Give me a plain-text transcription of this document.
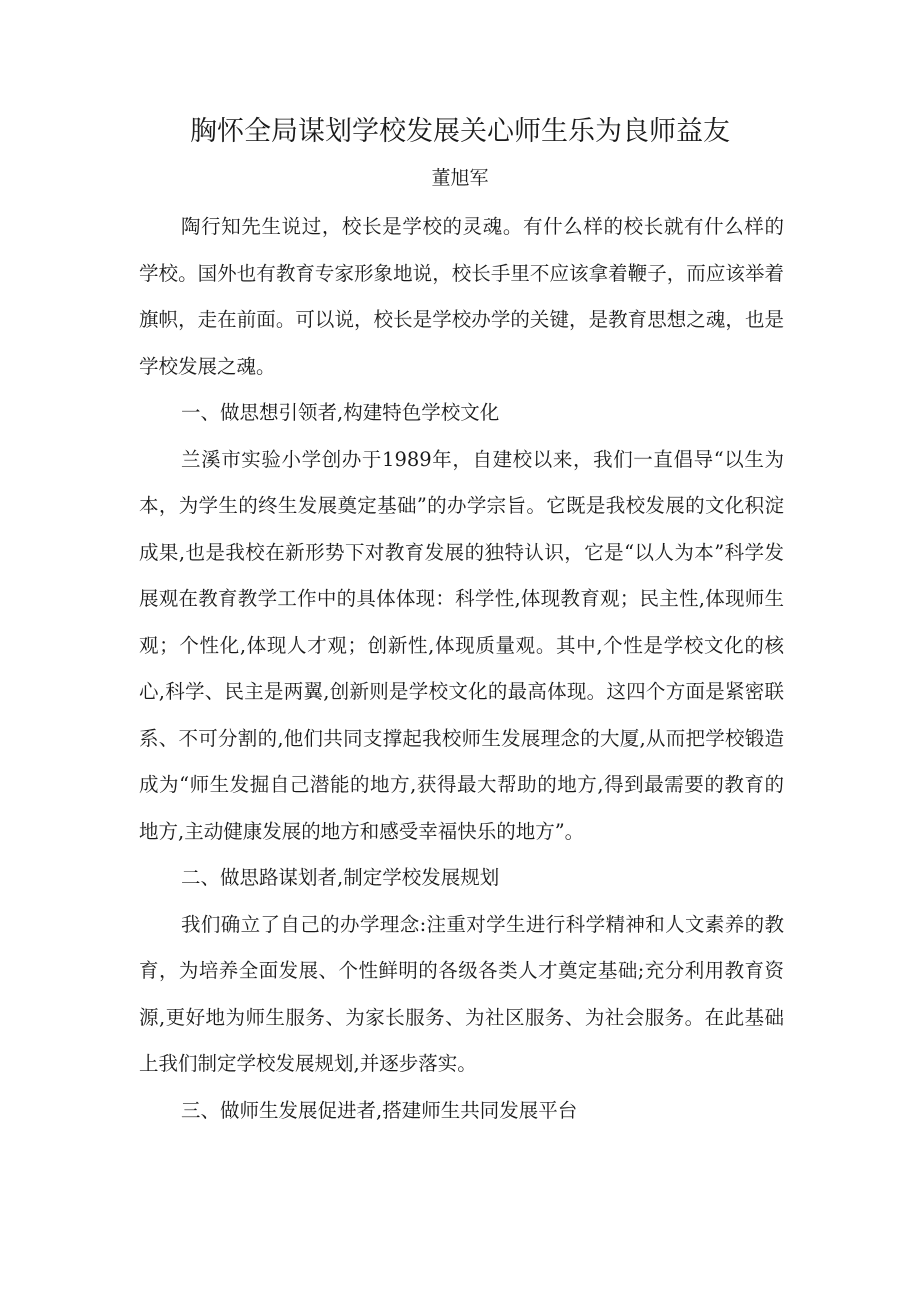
胸怀全局谋划学校发展关心师生乐为良师益友
董旭军

陶行知先生说过，校长是学校的灵魂。有什么样的校长就有什么样的学校。国外也有教育专家形象地说，校长手里不应该拿着鞭子，而应该举着旗帜，走在前面。可以说，校长是学校办学的关键，是教育思想之魂，也是学校发展之魂。

一、做思想引领者,构建特色学校文化

兰溪市实验小学创办于1989年，自建校以来，我们一直倡导“以生为本，为学生的终生发展奠定基础”的办学宗旨。它既是我校发展的文化积淀成果,也是我校在新形势下对教育发展的独特认识，它是“以人为本”科学发展观在教育教学工作中的具体体现：科学性,体现教育观；民主性,体现师生观；个性化,体现人才观；创新性,体现质量观。其中,个性是学校文化的核心,科学、民主是两翼,创新则是学校文化的最高体现。这四个方面是紧密联系、不可分割的,他们共同支撑起我校师生发展理念的大厦,从而把学校锻造成为“师生发掘自己潜能的地方,获得最大帮助的地方,得到最需要的教育的地方,主动健康发展的地方和感受幸福快乐的地方”。

二、做思路谋划者,制定学校发展规划

我们确立了自己的办学理念:注重对学生进行科学精神和人文素养的教育，为培养全面发展、个性鲜明的各级各类人才奠定基础;充分利用教育资源,更好地为师生服务、为家长服务、为社区服务、为社会服务。在此基础上我们制定学校发展规划,并逐步落实。

三、做师生发展促进者,搭建师生共同发展平台
